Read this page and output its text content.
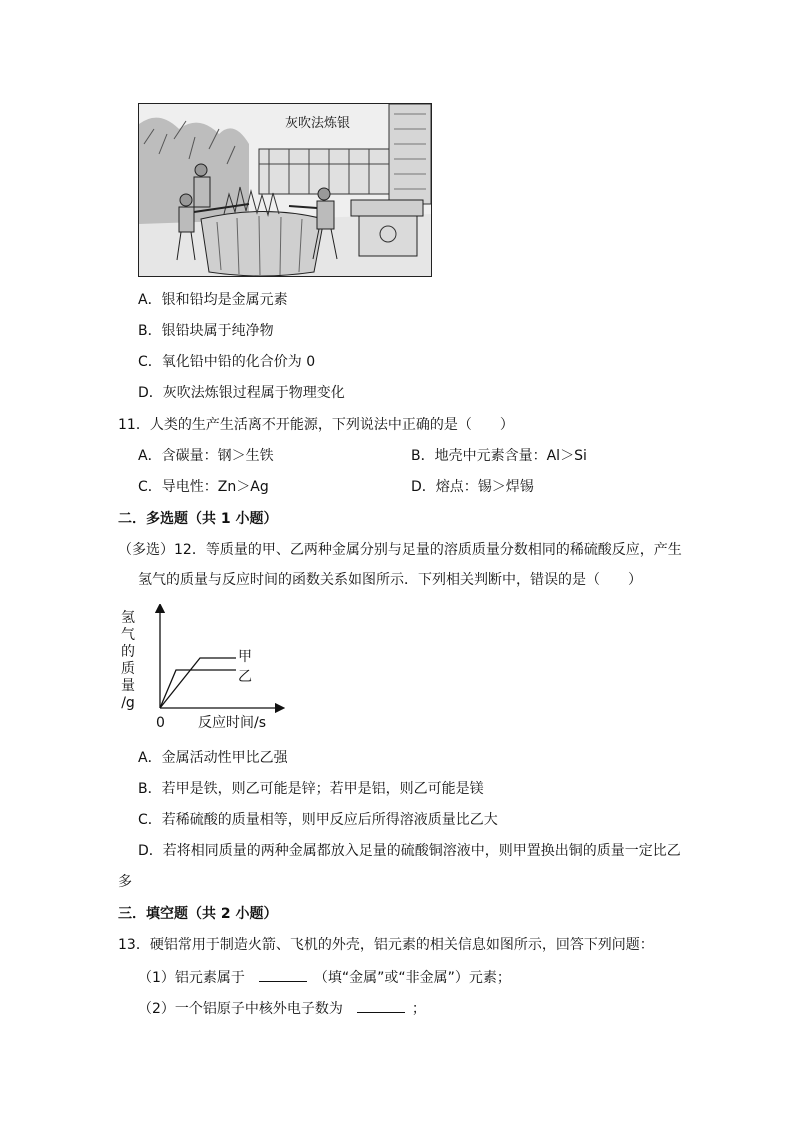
灰吹法炼银
A．银和铅均是金属元素
B．银铅块属于纯净物
C．氧化铅中铅的化合价为 0
D．灰吹法炼银过程属于物理变化
11．人类的生产生活离不开能源，下列说法中正确的是（　　）
A．含碳量：钢＞生铁	B．地壳中元素含量：Al＞Si
C．导电性：Zn＞Ag	D．熔点：锡＞焊锡
二．多选题（共 1 小题）
（多选）12．等质量的甲、乙两种金属分别与足量的溶质质量分数相同的稀硫酸反应，产生
氢气的质量与反应时间的函数关系如图所示．下列相关判断中，错误的是（　　）
氢
气
的
质
量
/g
0 反应时间/s
甲
乙
A．金属活动性甲比乙强
B．若甲是铁，则乙可能是锌；若甲是铝，则乙可能是镁
C．若稀硫酸的质量相等，则甲反应后所得溶液质量比乙大
D．若将相同质量的两种金属都放入足量的硫酸铜溶液中，则甲置换出铜的质量一定比乙
多
三．填空题（共 2 小题）
13．硬铝常用于制造火箭、飞机的外壳，铝元素的相关信息如图所示，回答下列问题：
（1）铝元素属于	（填“金属”或“非金属”）元素；
（2）一个铝原子中核外电子数为	；
